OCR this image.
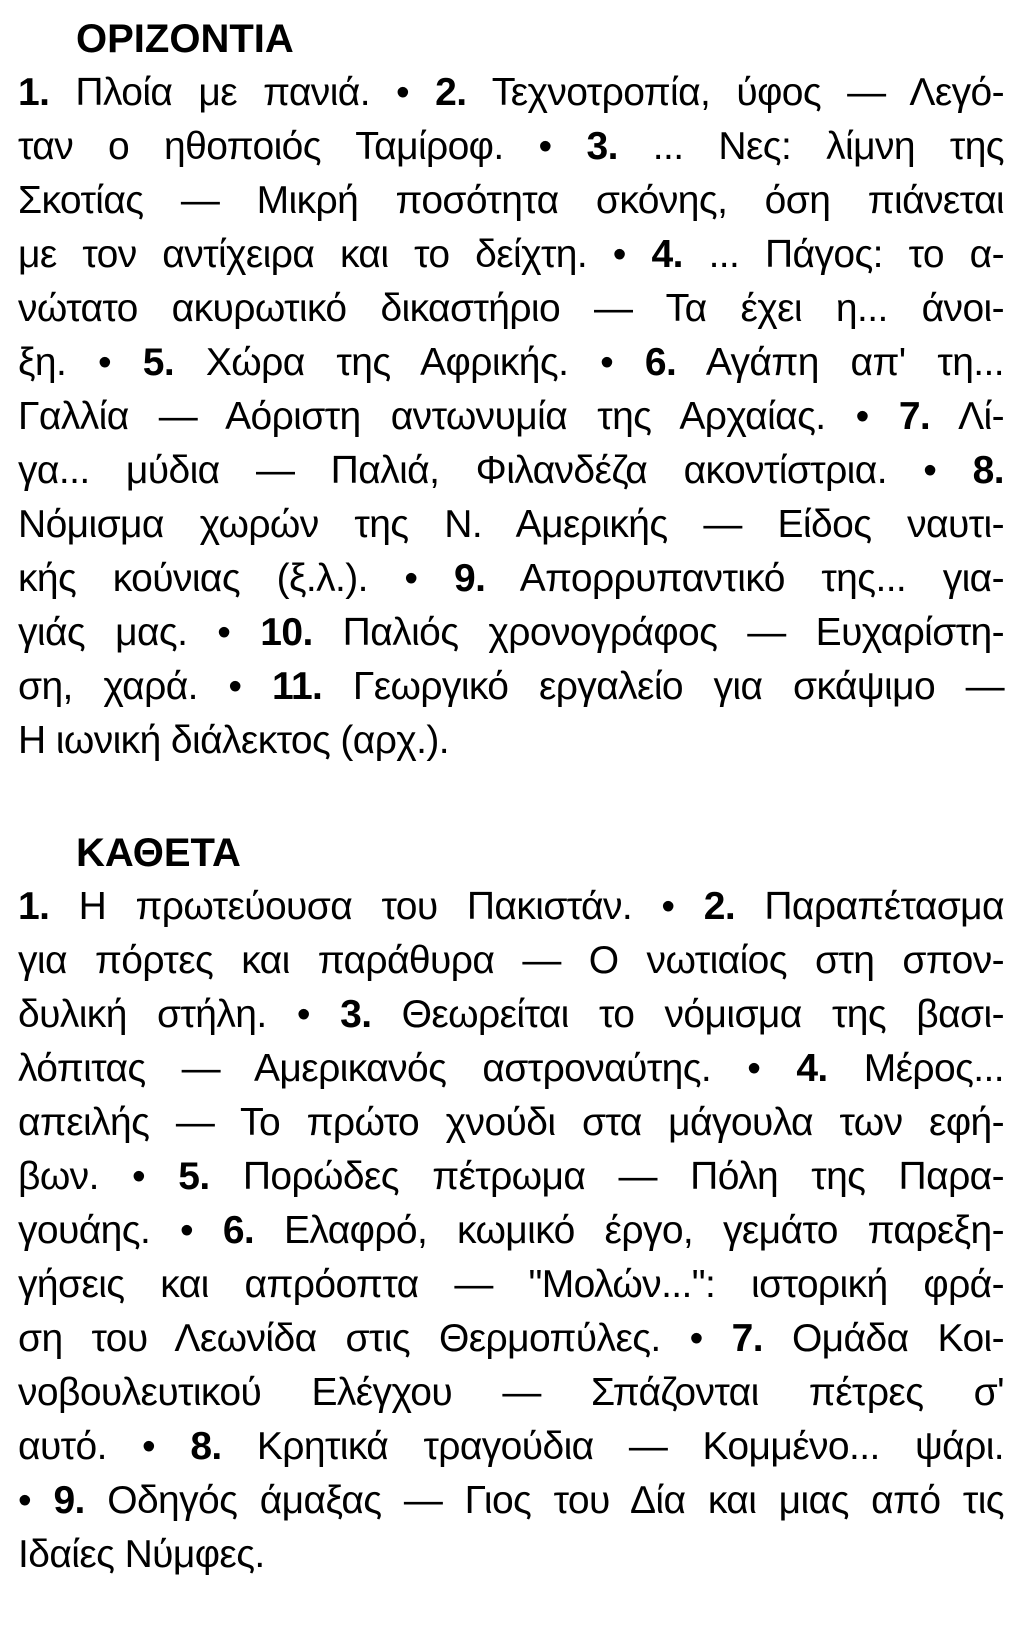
ΟΡΙΖΟΝΤΙΑ
1. Πλοία με πανιά. • 2. Τεχνοτροπία, ύφος — Λεγό-
ταν ο ηθοποιός Ταμίροφ. • 3. ... Νες: λίμνη της
Σκοτίας — Μικρή ποσότητα σκόνης, όση πιάνεται
με τον αντίχειρα και το δείχτη. • 4. ... Πάγος: το α-
νώτατο ακυρωτικό δικαστήριο — Τα έχει η... άνοι-
ξη. • 5. Χώρα της Αφρικής. • 6. Αγάπη απ' τη...
Γαλλία — Αόριστη αντωνυμία της Αρχαίας. • 7. Λί-
γα... μύδια — Παλιά, Φιλανδέζα ακοντίστρια. • 8.
Νόμισμα χωρών της Ν. Αμερικής — Είδος ναυτι-
κής κούνιας (ξ.λ.). • 9. Απορρυπαντικό της... για-
γιάς μας. • 10. Παλιός χρονογράφος — Ευχαρίστη-
ση, χαρά. • 11. Γεωργικό εργαλείο για σκάψιμο —
Η ιωνική διάλεκτος (αρχ.).
ΚΑΘΕΤΑ
1. Η πρωτεύουσα του Πακιστάν. • 2. Παραπέτασμα
για πόρτες και παράθυρα — Ο νωτιαίος στη σπον-
δυλική στήλη. • 3. Θεωρείται το νόμισμα της βασι-
λόπιτας — Αμερικανός αστροναύτης. • 4. Μέρος...
απειλής — Το πρώτο χνούδι στα μάγουλα των εφή-
βων. • 5. Πορώδες πέτρωμα — Πόλη της Παρα-
γουάης. • 6. Ελαφρό, κωμικό έργο, γεμάτο παρεξη-
γήσεις και απρόοπτα — "Μολών...": ιστορική φρά-
ση του Λεωνίδα στις Θερμοπύλες. • 7. Ομάδα Κοι-
νοβουλευτικού Ελέγχου — Σπάζονται πέτρες σ'
αυτό. • 8. Κρητικά τραγούδια — Κομμένο... ψάρι.
• 9. Οδηγός άμαξας — Γιος του Δία και μιας από τις
Ιδαίες Νύμφες.
